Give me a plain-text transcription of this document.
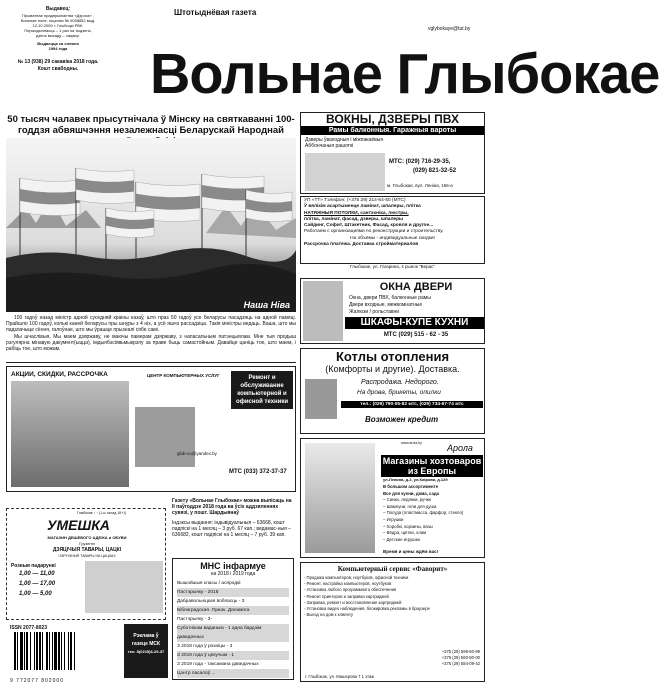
Выдавец:
Прыватнае прадпрыемства «Дэрога» ,
Вольнае поле, ліцэнзія № 0058852 выд.
12.10.2009 г. Глыбоцкі РВК.
Перыядычнасць – 1 раз на тыдзень,
дзень выхаду – чацвер.
Выдаецца са снежня
1994 года
№ 13 (938) 29 сакавіка 2018 года.
Кошт свабодны.
Штотыднёвая газета
vglybokaye@tut.by
Вольнае Глыбокае
50 тысяч чалавек прысутнічала ў Мінску на святкаванні 100-годдзя абвяшчэння незалежнасці Беларускай Народнай
Наша Ніва

100 гадоў назад міністр адной суседняй краіны казаў, што праз 50 гадоў усе беларусы пасадзяць на адной памяці. Прайшло 100 гадоў, колькі каней беларусы пры шнуры з 4 ніх, а усё яшчэ рассадзіца. Такія міністры ведаць. Ваша, што мы падзлачыце сёння, галоўнае, што мы ўрашце прызналі сябе самі.

Мы шчаслівыя. Мы маем дзяржаву, не маючы памерам дзяржаву, з напасальным патэнцыялам. Мне тыя продыш рэгулярна мінавую дакумент(ыцца), імдыябэсіявьмыкрэпу за праве быць самастойным. Давайце цаніць тое, што маем, і рабіць тое, што можам.

АКЦИИ, СКИДКИ, РАССРОЧКА	ЦЕНТР КОМПЬЮТЕРНЫХ УСЛУГ	Ремонт и обслуживание компьютерной и офисной техники
glub-cu@yandex.by
МТС (033) 372-37-37
Газету «Вольнае Глыбокае» можна выпісаць на ІІ паўгоддзе 2018 года ва ўсіх аддзяленнях сувязі, у пошт. Шардыянаў
Індэксы выдання: індывідуальныя – 63668, кошт падпіскі на 1 месяц – 3 руб. 67 кап.; ведамас-ныя – 636682, кошт падпіскі на 1 месяц – 7 руб. 39 кап.
Глыбокае ↑ ↑ (1-ы склад 18+1)
УМЕШКА
МАГАЗИН ДЕШЕВОГО АДЕЖА и ОБУВИ
Грузенні
ДЗЯЦІЧЫЯ ТАВАРЫ, ЦАЦКІ
ЧЭРУІЧНЫЯ ТАВАРЫ НА ЦАЦКАХ
Розныя падарункі
1,00 — 11,00
1,00 — 17,00
1,00 — 5,00
ISSN 2077-8023
9 772077 802000
Рэклама ў
газеце МСК
тел. 8(0215)6-29-37
МНС інфармуе
на 2018 і 2019 года
Вышэйшыя класы / асяродкі:
Пастэрыяку - 2018
Дабравольніцкая вобласць - 3
Біблаградская. Лужок. Дапамога
Пастэрыяку - 3-
Суботнікам ваданым - 1 адна бардзім даведачных
З 2018 года ў розніцы - 3
З 2019 года ў цякучым - 1
З 2019 года - таксамана даведачных
Цэнтр пасалоў ...
ВОКНЫ, ДЗВЕРЫ ПВХ
Рамы балконныя. Гаражныя вароты
Дзверы ўваходныя і міжпакаёвыя
Аббончаныя рашоткі
МТС: (029) 716-29-35,
(029) 821-32-52
м. Глыбокае, вул. Леніна, 166-а
УП «ТТ» Тэлефон: (+375 29) 214-64-50 (МТС)
Ў вялікім асартыменце ламінат, шпалеры, плітка
НАТЯЖНЫЯ ПОТОЛКИ, сантэхніка, люстры,
плітка, ламінат, фасад, дзверы, шпалеры
Сайдинг, Софит, Штакетник, Фасад, кровля и другое...
Работаем с организациями по реконструкции и строительству.
На объёмы - индивидуальные скидки!
Рассрочка платежа. Доставка стройматериалов
Глыбокае, ул. Гагарина, 4 рынок "Верас"
ОКНА ДВЕРИ
Окна, двери ПВХ, балконные рамы
Двери входные, межкомнатные
Жалюзи / рольставни
ШКАФЫ-КУПЕ КУХНИ
МТС (029) 515 - 62 - 35
Котлы отопления
(Комфорты и другие). Доставка.
Распродажа. Недорого.
На дрова, брикеты, опилки
тел.: (029) 790-05-82 мтс, (029) 734-67-74 мтс
Возможен кредит
www.arola.by	Арола
Магазины хозтоваров из Европы
ул.Ленина, д.2, ул.Киірова, д.129
В большом ассортименте
Все для кухни, дома, сада
– Санки, ледянки, ручки
– Шампуни, гели для душа
– Посуда (пластмасса, фарфор, стекло)
– Игрушки
– Хоробкі, корзины, вазы
– Вёдра, щётки, хлам
– Детские игрушки
Время и цены ждём вас!
Компьютерный сервис «Фаворит»
- Продажа компьютеров, ноутбуков, офисной техники
- Ремонт, настройка компьютеров, ноутбуков
- Установка любого программного обеспечения
- Ремонт принтеров и заправка картриджей
- Заправка, ремонт и восстановление картриджей
- Установка видео наблюдения, блокировка рекламы в браузере
- Выезд на дом к клиенту
+375 (29) 599-60-99
+375 (29) 560-80-00
+375 (29) 584-09-42
г. Глыбокае, ул. Машерова 7 1 этаж
